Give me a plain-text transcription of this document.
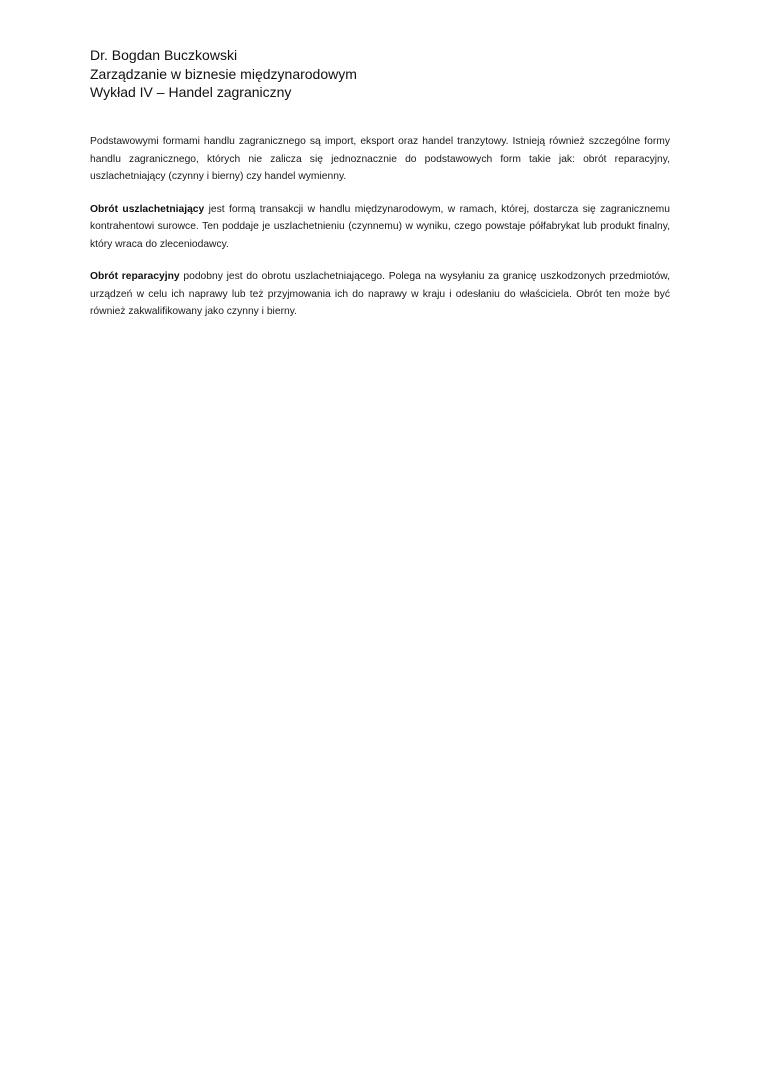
Dr. Bogdan Buczkowski
Zarządzanie w biznesie międzynarodowym
Wykład IV – Handel zagraniczny

Podstawowymi formami handlu zagranicznego są import, eksport oraz handel tranzytowy. Istnieją również szczególne formy handlu zagranicznego, których nie zalicza się jednoznacznie do podstawowych form takie jak: obrót reparacyjny, uszlachetniający (czynny i bierny) czy handel wymienny.

Obrót uszlachetniający jest formą transakcji w handlu międzynarodowym, w ramach, której, dostarcza się zagranicznemu kontrahentowi surowce. Ten poddaje je uszlachetnieniu (czynnemu) w wyniku, czego powstaje półfabrykat lub produkt finalny, który wraca do zleceniodawcy.

Obrót reparacyjny podobny jest do obrotu uszlachetniającego. Polega na wysyłaniu za granicę uszkodzonych przedmiotów, urządzeń w celu ich naprawy lub też przyjmowania ich do naprawy w kraju i odesłaniu do właściciela. Obrót ten może być również zakwalifikowany jako czynny i bierny.
